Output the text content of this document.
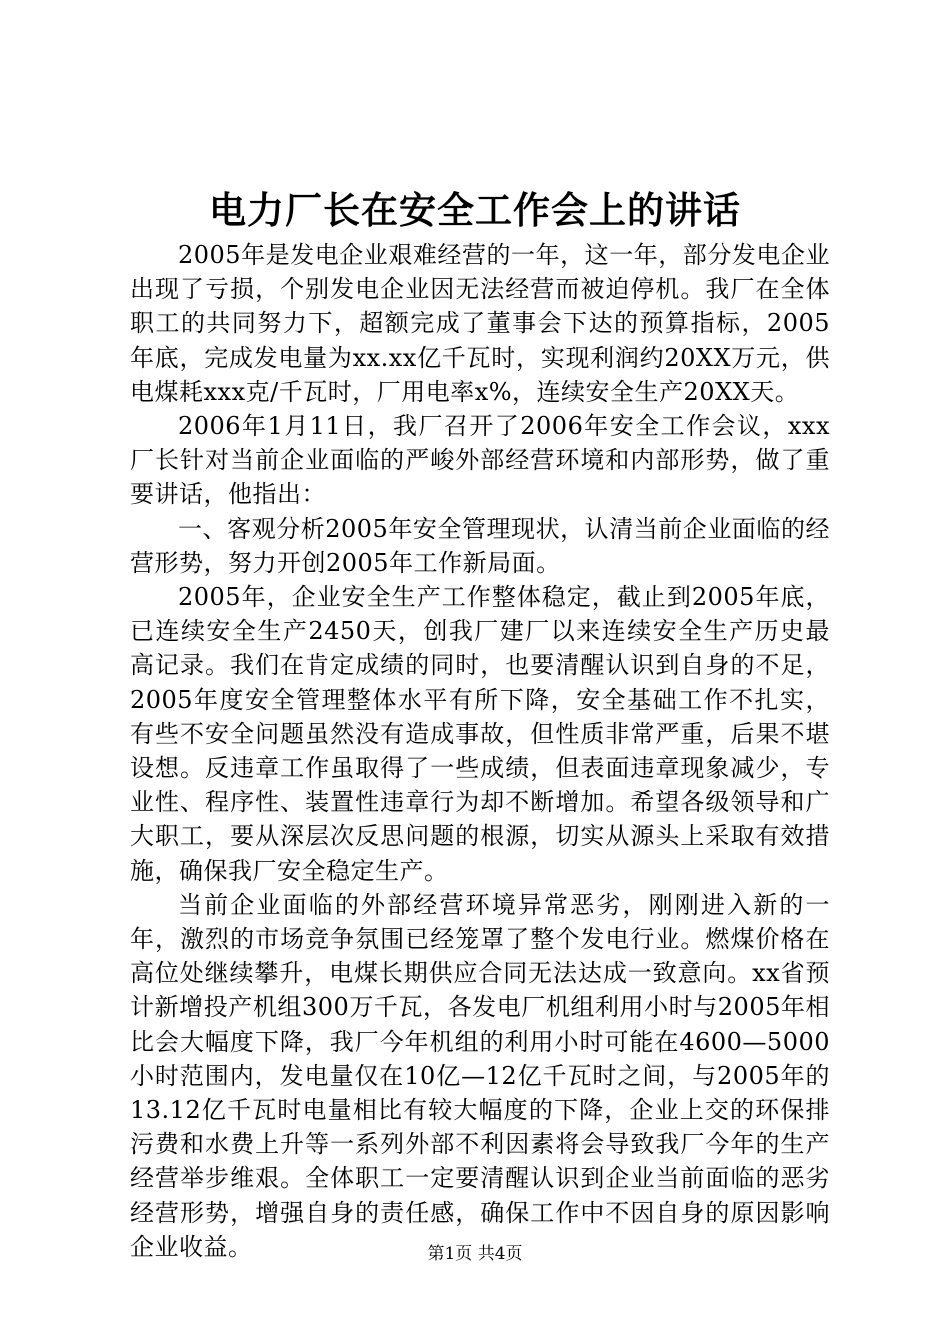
电力厂长在安全工作会上的讲话

2005年是发电企业艰难经营的一年，这一年，部分发电企业出现了亏损，个别发电企业因无法经营而被迫停机。我厂在全体职工的共同努力下，超额完成了董事会下达的预算指标，2005年底，完成发电量为xx.xx亿千瓦时，实现利润约20XX万元，供电煤耗xxx克/千瓦时，厂用电率x%，连续安全生产20XX天。

2006年1月11日，我厂召开了2006年安全工作会议，xxx厂长针对当前企业面临的严峻外部经营环境和内部形势，做了重要讲话，他指出：

一、客观分析2005年安全管理现状，认清当前企业面临的经营形势，努力开创2005年工作新局面。

2005年，企业安全生产工作整体稳定，截止到2005年底，已连续安全生产2450天，创我厂建厂以来连续安全生产历史最高记录。我们在肯定成绩的同时，也要清醒认识到自身的不足，2005年度安全管理整体水平有所下降，安全基础工作不扎实，有些不安全问题虽然没有造成事故，但性质非常严重，后果不堪设想。反违章工作虽取得了一些成绩，但表面违章现象减少，专业性、程序性、装置性违章行为却不断增加。希望各级领导和广大职工，要从深层次反思问题的根源，切实从源头上采取有效措施，确保我厂安全稳定生产。

当前企业面临的外部经营环境异常恶劣，刚刚进入新的一年，激烈的市场竞争氛围已经笼罩了整个发电行业。燃煤价格在高位处继续攀升，电煤长期供应合同无法达成一致意向。xx省预计新增投产机组300万千瓦，各发电厂机组利用小时与2005年相比会大幅度下降，我厂今年机组的利用小时可能在4600—5000小时范围内，发电量仅在10亿—12亿千瓦时之间，与2005年的13.12亿千瓦时电量相比有较大幅度的下降，企业上交的环保排污费和水费上升等一系列外部不利因素将会导致我厂今年的生产经营举步维艰。全体职工一定要清醒认识到企业当前面临的恶劣经营形势，增强自身的责任感，确保工作中不因自身的原因影响企业收益。	第1页 共4页
